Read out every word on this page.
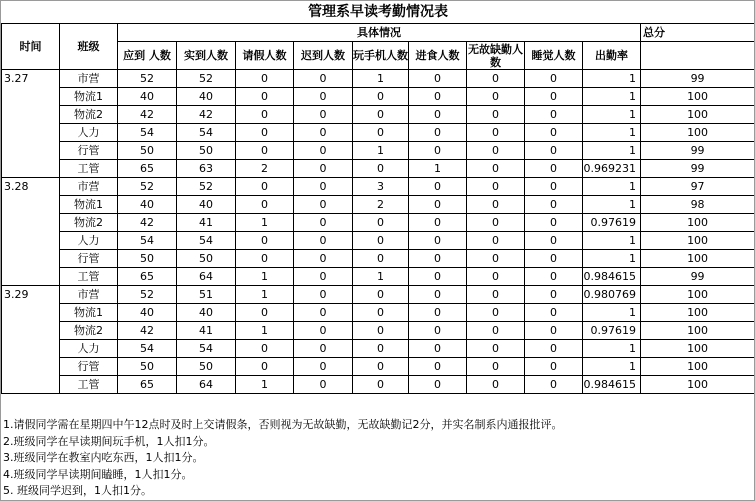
管理系早读考勤情况表											
时间	班级	具体情况									总分
		应到 人数	实到人数	请假人数	迟到人数	玩手机人数	进食人数	无故缺勤人数	睡觉人数	出勤率	
3.27	市营	52	52	0	0	1	0	0	0	1	99
	物流1	40	40	0	0	0	0	0	0	1	100
	物流2	42	42	0	0	0	0	0	0	1	100
	人力	54	54	0	0	0	0	0	0	1	100
	行管	50	50	0	0	1	0	0	0	1	99
	工管	65	63	2	0	0	1	0	0	0.969231	99
3.28	市营	52	52	0	0	3	0	0	0	1	97
	物流1	40	40	0	0	2	0	0	0	1	98
	物流2	42	41	1	0	0	0	0	0	0.97619	100
	人力	54	54	0	0	0	0	0	0	1	100
	行管	50	50	0	0	0	0	0	0	1	100
	工管	65	64	1	0	1	0	0	0	0.984615	99
3.29	市营	52	51	1	0	0	0	0	0	0.980769	100
	物流1	40	40	0	0	0	0	0	0	1	100
	物流2	42	41	1	0	0	0	0	0	0.97619	100
	人力	54	54	0	0	0	0	0	0	1	100
	行管	50	50	0	0	0	0	0	0	1	100
	工管	65	64	1	0	0	0	0	0	0.984615	100
1.请假同学需在星期四中午12点时及时上交请假条，否则视为无故缺勤，无故缺勤记2分，并实名制系内通报批评。
2.班级同学在早读期间玩手机，1人扣1分。
3.班级同学在教室内吃东西，1人扣1分。
4.班级同学早读期间瞌睡，1人扣1分。
5. 班级同学迟到，1人扣1分。
